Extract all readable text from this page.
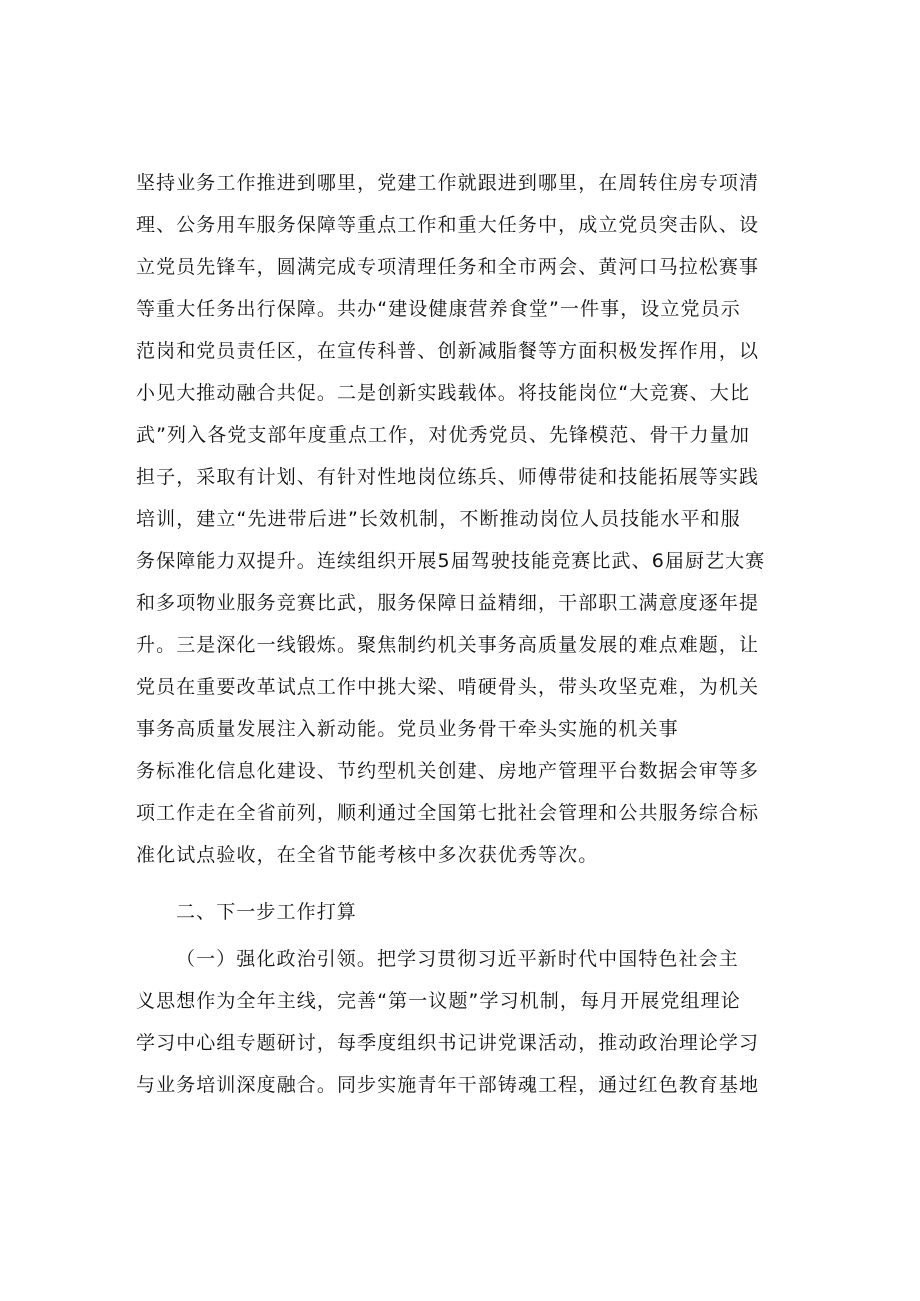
坚持业务工作推进到哪里，党建工作就跟进到哪里，在周转住房专项清
理、公务用车服务保障等重点工作和重大任务中，成立党员突击队、设
立党员先锋车，圆满完成专项清理任务和全市两会、黄河口马拉松赛事
等重大任务出行保障。共办“建设健康营养食堂”一件事，设立党员示
范岗和党员责任区，在宣传科普、创新减脂餐等方面积极发挥作用，以
小见大推动融合共促。二是创新实践载体。将技能岗位“大竞赛、大比
武”列入各党支部年度重点工作，对优秀党员、先锋模范、骨干力量加
担子，采取有计划、有针对性地岗位练兵、师傅带徒和技能拓展等实践
培训，建立“先进带后进”长效机制，不断推动岗位人员技能水平和服
务保障能力双提升。连续组织开展5届驾驶技能竞赛比武、6届厨艺大赛
和多项物业服务竞赛比武，服务保障日益精细，干部职工满意度逐年提
升。三是深化一线锻炼。聚焦制约机关事务高质量发展的难点难题，让
党员在重要改革试点工作中挑大梁、啃硬骨头，带头攻坚克难，为机关
事务高质量发展注入新动能。党员业务骨干牵头实施的机关事
务标准化信息化建设、节约型机关创建、房地产管理平台数据会审等多
项工作走在全省前列，顺利通过全国第七批社会管理和公共服务综合标
准化试点验收，在全省节能考核中多次获优秀等次。
二、下一步工作打算
（一）强化政治引领。把学习贯彻习近平新时代中国特色社会主
义思想作为全年主线，完善“第一议题”学习机制，每月开展党组理论
学习中心组专题研讨，每季度组织书记讲党课活动，推动政治理论学习
与业务培训深度融合。同步实施青年干部铸魂工程，通过红色教育基地
